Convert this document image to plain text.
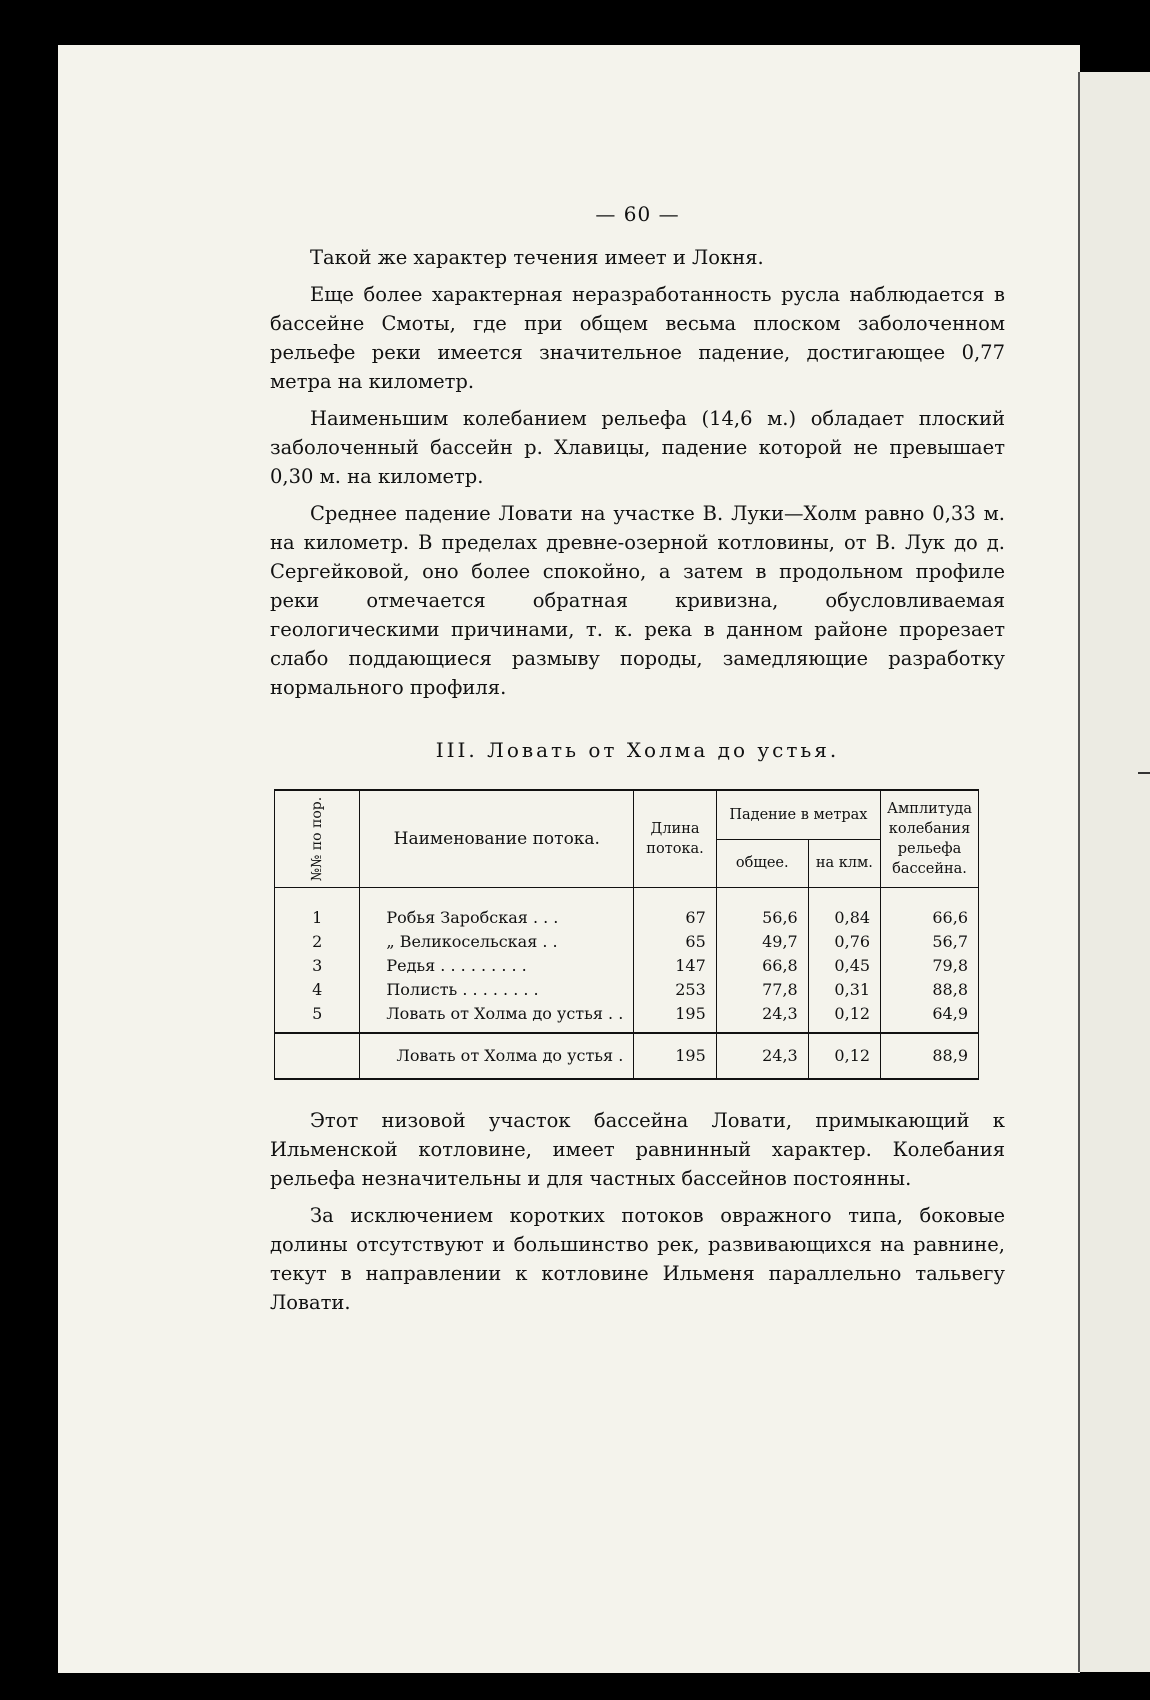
— 60 —

Такой же характер течения имеет и Локня.

Еще более характерная неразработанность русла наблюдается в бассейне Смоты, где при общем весьма плоском заболоченном рельефе реки имеется значительное падение, достигающее 0,77 метра на километр.

Наименьшим колебанием рельефа (14,6 м.) обладает плоский заболоченный бассейн р. Хлавицы, падение которой не превышает 0,30 м. на километр.

Среднее падение Ловати на участке В. Луки—Холм равно 0,33 м. на километр. В пределах древне-озерной котловины, от В. Лук до д. Сергейковой, оно более спокойно, а затем в продольном профиле реки отмечается обратная кривизна, обусловливаемая геологическими причинами, т. к. река в данном районе прорезает слабо поддающиеся размыву породы, замедляющие разработку нормального профиля.

III. Ловать от Холма до устья.
№№ по пор.	Наименование потока.	Длина потока.	Падение в метрах		Амплитуда колебания рельефа бассейна.
			общее.	на клм.	
1	Робья Заробская . . .	67	56,6	0,84	66,6
2	„ Великосельская . .	65	49,7	0,76	56,7
3	Редья . . . . . . . . .	147	66,8	0,45	79,8
4	Полисть . . . . . . . .	253	77,8	0,31	88,8
5	Ловать от Холма до устья . .	195	24,3	0,12	64,9
	Ловать от Холма до устья .	195	24,3	0,12	88,9

Этот низовой участок бассейна Ловати, примыкающий к Ильменской котловине, имеет равнинный характер. Колебания рельефа незначительны и для частных бассейнов постоянны.

За исключением коротких потоков овражного типа, боковые долины отсутствуют и большинство рек, развивающихся на равнине, текут в направлении к котловине Ильменя параллельно тальвегу Ловати.
